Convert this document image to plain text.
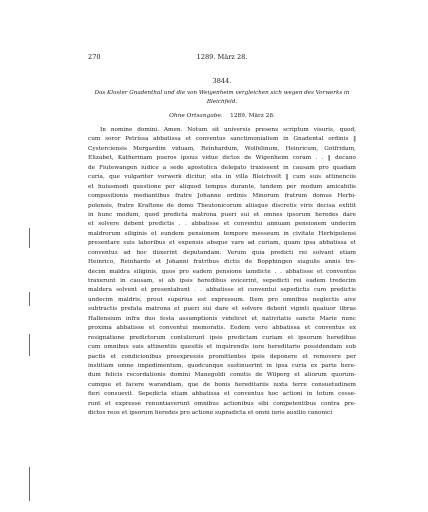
270	1289. März 28.
3844.
Das Kloster Gnadenthal und die von Weigenheim vergleichen sich wegen des Vorwerks in
Bleichfeld.
Ohne Ortsangabe. 1289. März 28.
In nomine domini. Amen. Notum sit universis presens scriptum visuris, quod,
cum soror Petrissa abbatissa et conventus sanctimonialium in Gnadental ordinis ‖
Cysterciensis Mergardim viduam, Reinhardum, Wolfelinum, Heinricum, Gotfridum,
Elizabet, Katherinam pueros ipsius vidue dictos de Wigenheim coram . . ‖ decano
de Fiutewangen iudice a sede apostolica delegato traxissent in causam pro quadam
curia, que vulgariter vorwerk dicitur, sita in villa Bleichvelt ‖ cum suis attinenciis
et huiusmodi questione per aliquod tempus durante, tandem per modum amicabilis
compositionis mediantibus fratre Johanne ordinis Minorum fratrum domus Herbi-
polensis, fratre Kraftone de domo Theutonicorum aliisque discretis viris decisa extitit
in hunc modum, quod predicta matrona pueri sui et omnes ipsorum heredes dare
et solvere debent predictis . . abbatisse et conventui annuam pensionem undecim
maldrorum siliginis et eundem pensionem tempore messeum in civitate Herbipolensi
presentare suis laboribus et expensis absque vare ad curiam, quam ipsa abbatissa et
conventus ad hoc duxerint deputandam. Verum quia predicti rei solvant etiam
Heinrico, Reinhardo et Johanni fratribus dictis de Bopphingen siugulis annis tre-
decim maldra siliginis, quos pro eadem pensione iamdicte . . abbatisse et conventus
traxerunt in causam, si ab ipsis heredibus evicerint, sepedicti rei eadem tredecim
maldera solvent et presentabunt . . abbatisse et conventui sepedictis cum predictis
undecim maldris, prout superius est expressum. Item pro omnibus neglectis aive
subtractis prefata matrona et pueri sui dare et solvere debent viginti quatuor libras
Hallensium infra duo festa assumptionis videlicet et nativitatis sancte Marie nunc
proxima abbatisse et conventui memoratis. Eedem vero abbatissa et conventus ex
resignatione predictorum contulerunt ipsis predictam curiam et ipsorum heredibus
cum omnibus suis attinentiis quesitis et inquirendis iure hereditario possidendam sub
pactis et condicionibus preexpressis promittentes ipsis deponere et removere per
institiam omne impedimentum, quodcunque sustinuerint in ipsa curia ex parte here-
dum felicis recordationis domini Manegoldi comitis de Wilperg et aliorum quorum-
cumque et facere warandiam, que de bonis hereditariis iuxta terre consuetudinem
fieri consuevit. Sepedicta etiam abbatissa et conventus hoc actioni in totum cesse-
runt et expresse renuntiaverunt omnibus actionibus sibi competentibus contra pre-
dictos reos et ipsorum heredes pro actione supradicta et omni iuris auxilio canonici
